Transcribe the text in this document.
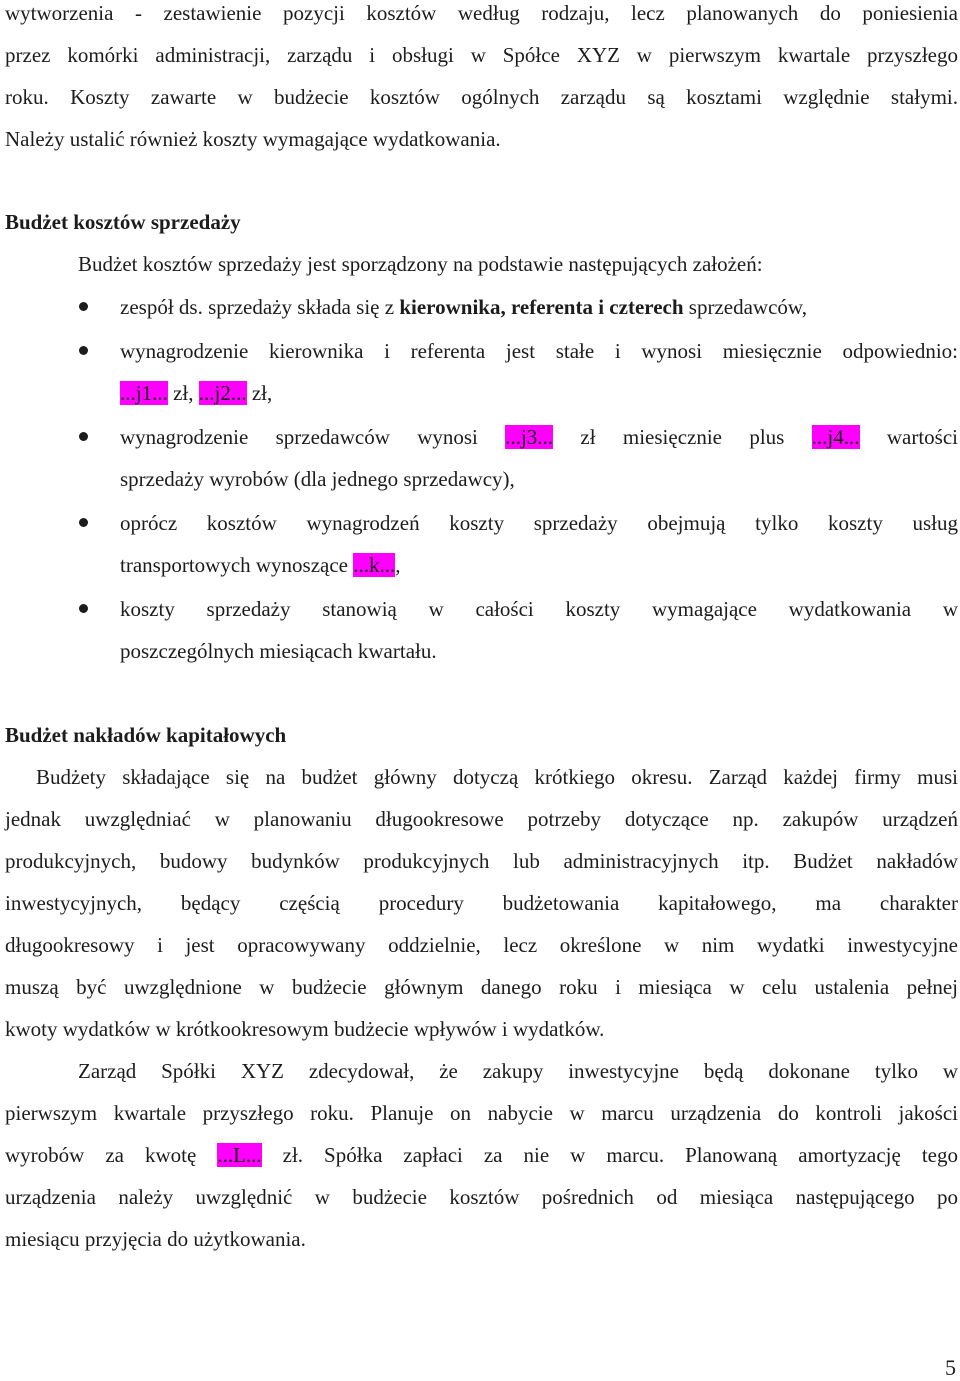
wytworzenia - zestawienie pozycji kosztów według rodzaju, lecz planowanych do poniesienia
przez komórki administracji, zarządu i obsługi w Spółce XYZ w pierwszym kwartale przyszłego
roku. Koszty zawarte w budżecie kosztów ogólnych zarządu są kosztami względnie stałymi.
Należy ustalić również koszty wymagające wydatkowania.
Budżet kosztów sprzedaży
Budżet kosztów sprzedaży jest sporządzony na podstawie następujących założeń:
zespół ds. sprzedaży składa się z kierownika, referenta i czterech sprzedawców,
wynagrodzenie kierownika i referenta jest stałe i wynosi miesięcznie odpowiednio:
...j1... zł, ...j2... zł,
wynagrodzenie sprzedawców wynosi ...j3... zł miesięcznie plus ...j4... wartości
sprzedaży wyrobów (dla jednego sprzedawcy),
oprócz kosztów wynagrodzeń koszty sprzedaży obejmują tylko koszty usług
transportowych wynoszące ...k...,
koszty sprzedaży stanowią w całości koszty wymagające wydatkowania w
poszczególnych miesiącach kwartału.
Budżet nakładów kapitałowych
Budżety składające się na budżet główny dotyczą krótkiego okresu. Zarząd każdej firmy musi
jednak uwzględniać w planowaniu długookresowe potrzeby dotyczące np. zakupów urządzeń
produkcyjnych, budowy budynków produkcyjnych lub administracyjnych itp. Budżet nakładów
inwestycyjnych, będący częścią procedury budżetowania kapitałowego, ma charakter
długookresowy i jest opracowywany oddzielnie, lecz określone w nim wydatki inwestycyjne
muszą być uwzględnione w budżecie głównym danego roku i miesiąca w celu ustalenia pełnej
kwoty wydatków w krótkookresowym budżecie wpływów i wydatków.
Zarząd Spółki XYZ zdecydował, że zakupy inwestycyjne będą dokonane tylko w
pierwszym kwartale przyszłego roku. Planuje on nabycie w marcu urządzenia do kontroli jakości
wyrobów za kwotę ...L... zł. Spółka zapłaci za nie w marcu. Planowaną amortyzację tego
urządzenia należy uwzględnić w budżecie kosztów pośrednich od miesiąca następującego po
miesiącu przyjęcia do użytkowania.
5
